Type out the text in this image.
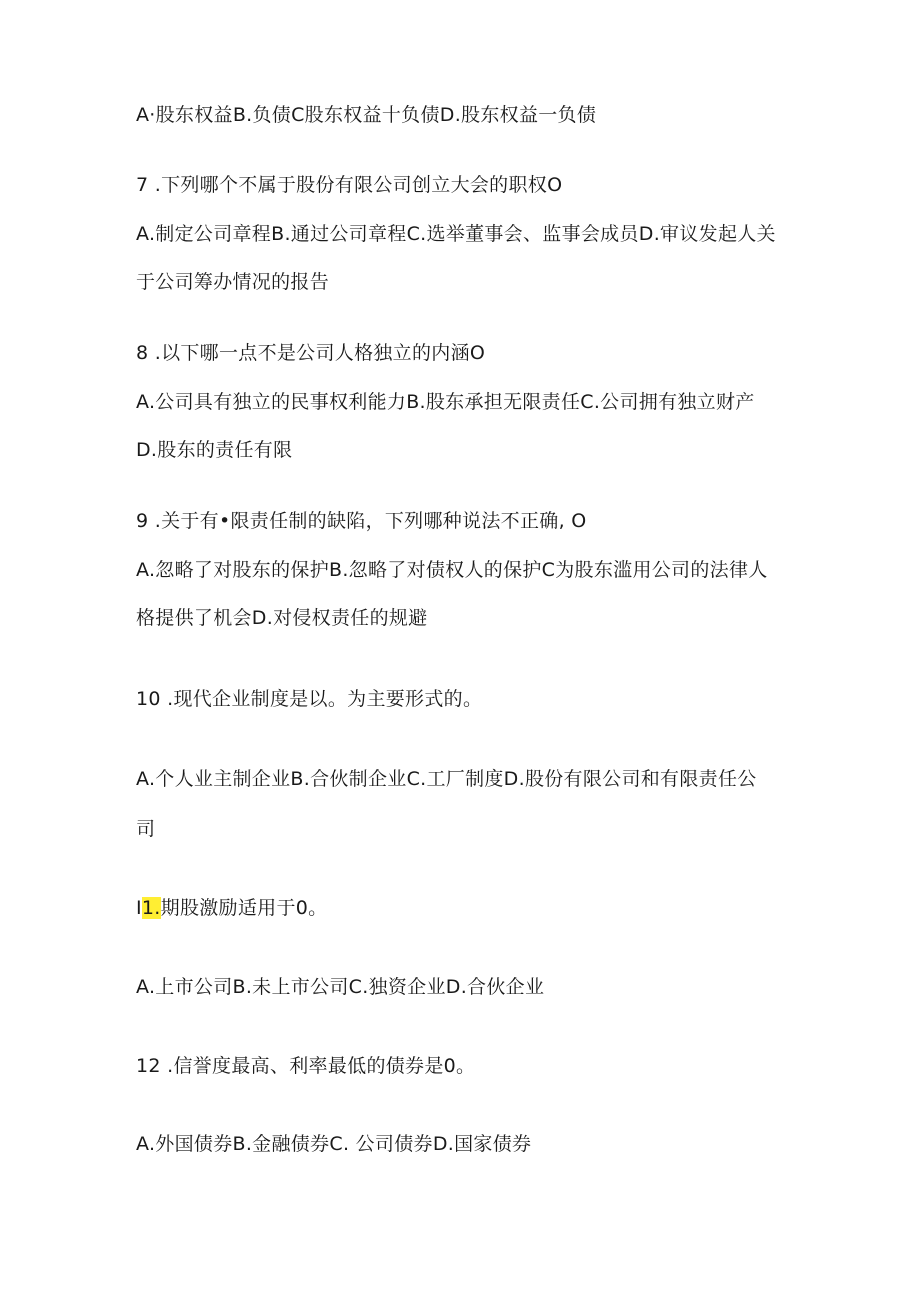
A·股东权益B.负债C股东权益十负债D.股东权益一负债
7 .下列哪个不属于股份有限公司创立大会的职权O
A.制定公司章程B.通过公司章程C.选举董事会、监事会成员D.审议发起人关
于公司筹办情况的报告
8 .以下哪一点不是公司人格独立的内涵O
A.公司具有独立的民事权利能力B.股东承担无限责任C.公司拥有独立财产
D.股东的责任有限
9 .关于有•限责任制的缺陷，下列哪种说法不正确, O
A.忽略了对股东的保护B.忽略了对债权人的保护C为股东滥用公司的法律人
格提供了机会D.对侵权责任的规避
10 .现代企业制度是以。为主要形式的。
A.个人业主制企业B.合伙制企业C.工厂制度D.股份有限公司和有限责任公
司
I1.期股激励适用于0。
A.上市公司B.未上市公司C.独资企业D.合伙企业
12 .信誉度最高、利率最低的债券是0。
A.外国债券B.金融债券C. 公司债券D.国家债券
